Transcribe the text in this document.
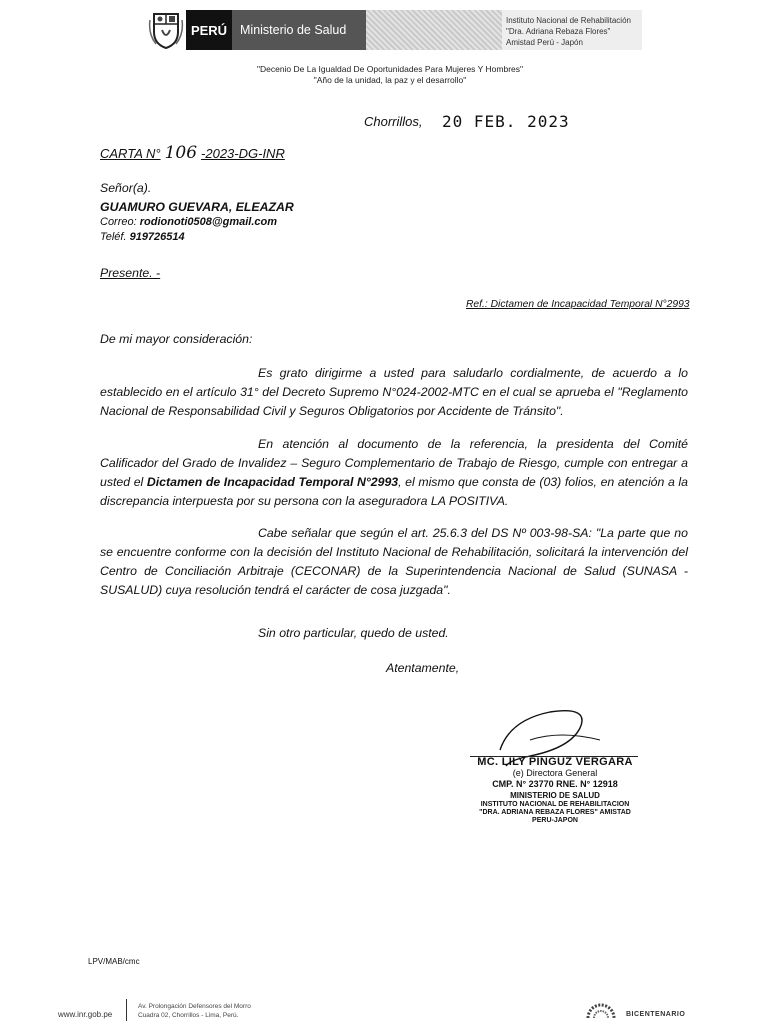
PERÚ	Ministerio de Salud
Instituto Nacional de Rehabilitación
"Dra. Adriana Rebaza Flores"
Amistad Perú - Japón
"Decenio De La Igualdad De Oportunidades Para Mujeres Y Hombres"
"Año de la unidad, la paz y el desarrollo"
Chorrillos, 20 FEB. 2023
CARTA N° 106 -2023-DG-INR
Señor(a).
GUAMURO GUEVARA, ELEAZAR
Correo: rodionoti0508@gmail.com
Teléf. 919726514
Presente. -
Ref.: Dictamen de Incapacidad Temporal N°2993
De mi mayor consideración:
Es grato dirigirme a usted para saludarlo cordialmente, de acuerdo a lo establecido en el artículo 31° del Decreto Supremo N°024-2002-MTC en el cual se aprueba el "Reglamento Nacional de Responsabilidad Civil y Seguros Obligatorios por Accidente de Tránsito".
En atención al documento de la referencia, la presidenta del Comité Calificador del Grado de Invalidez – Seguro Complementario de Trabajo de Riesgo, cumple con entregar a usted el Dictamen de Incapacidad Temporal N°2993, el mismo que consta de (03) folios, en atención a la discrepancia interpuesta por su persona con la aseguradora LA POSITIVA.
Cabe señalar que según el art. 25.6.3 del DS Nº 003-98-SA: "La parte que no se encuentre conforme con la decisión del Instituto Nacional de Rehabilitación, solicitará la intervención del Centro de Conciliación Arbitraje (CECONAR) de la Superintendencia Nacional de Salud (SUNASA - SUSALUD) cuya resolución tendrá el carácter de cosa juzgada".
Sin otro particular, quedo de usted.
Atentamente,
MC. LILY PINGUZ VERGARA
(e) Directora General
CMP. N° 23770 RNE. N° 12918
MINISTERIO DE SALUD
INSTITUTO NACIONAL DE REHABILITACION
"DRA. ADRIANA REBAZA FLORES" AMISTAD PERU-JAPON
LPV/MAB/cmc
www.inr.gob.pe
Av. Prolongación Defensores del Morro
Cuadra 02, Chorrillos - Lima, Perú.	BICENTENARIO
